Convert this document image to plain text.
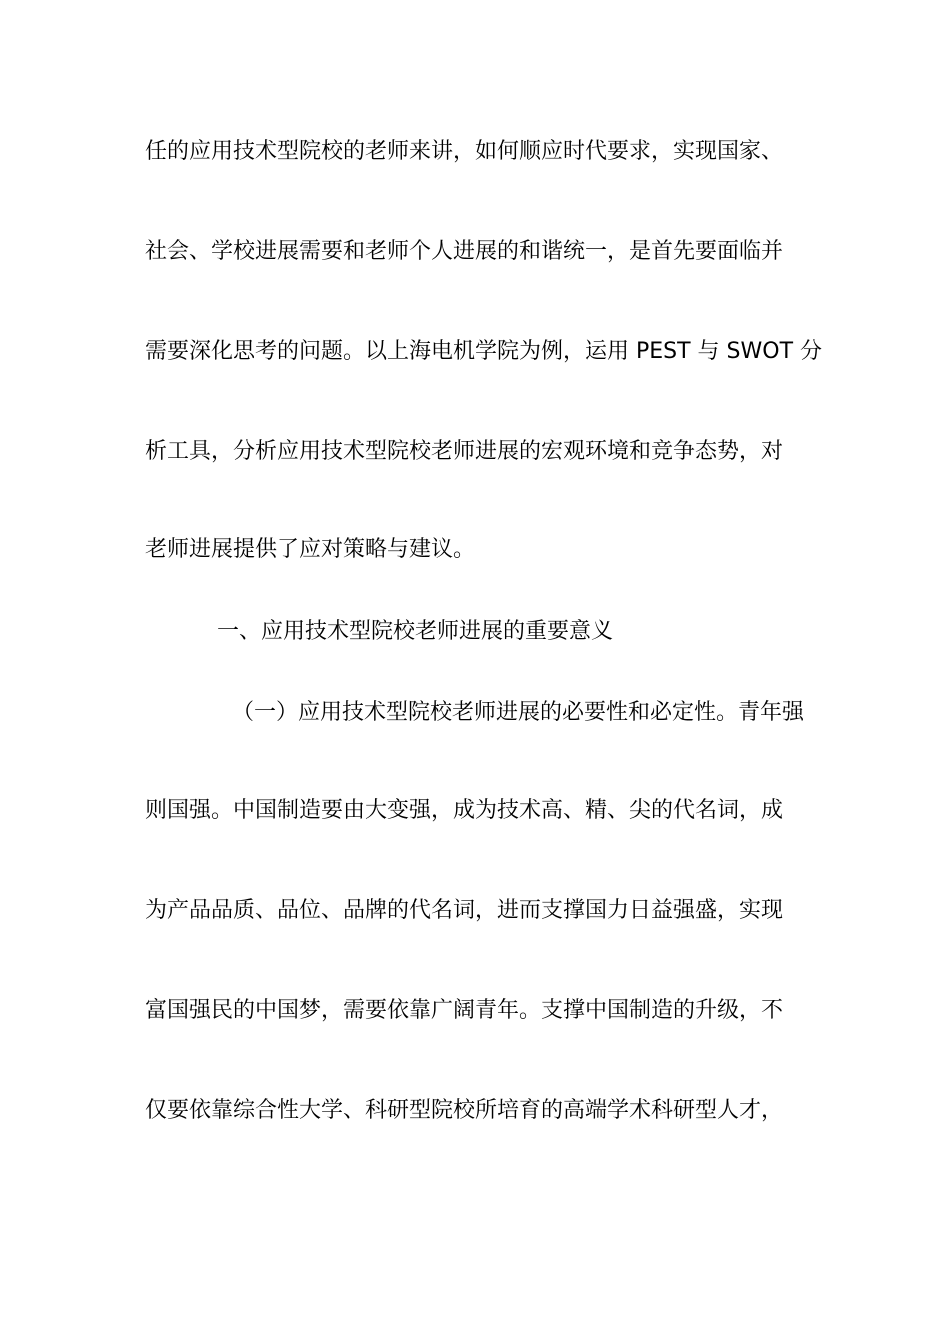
任的应用技术型院校的老师来讲，如何顺应时代要求，实现国家、
社会、学校进展需要和老师个人进展的和谐统一，是首先要面临并
需要深化思考的问题。以上海电机学院为例，运用 PEST 与 SWOT 分
析工具，分析应用技术型院校老师进展的宏观环境和竞争态势，对
老师进展提供了应对策略与建议。
一、应用技术型院校老师进展的重要意义
（一）应用技术型院校老师进展的必要性和必定性。青年强
则国强。中国制造要由大变强，成为技术高、精、尖的代名词，成
为产品品质、品位、品牌的代名词，进而支撑国力日益强盛，实现
富国强民的中国梦，需要依靠广阔青年。支撑中国制造的升级，不
仅要依靠综合性大学、科研型院校所培育的高端学术科研型人才，
